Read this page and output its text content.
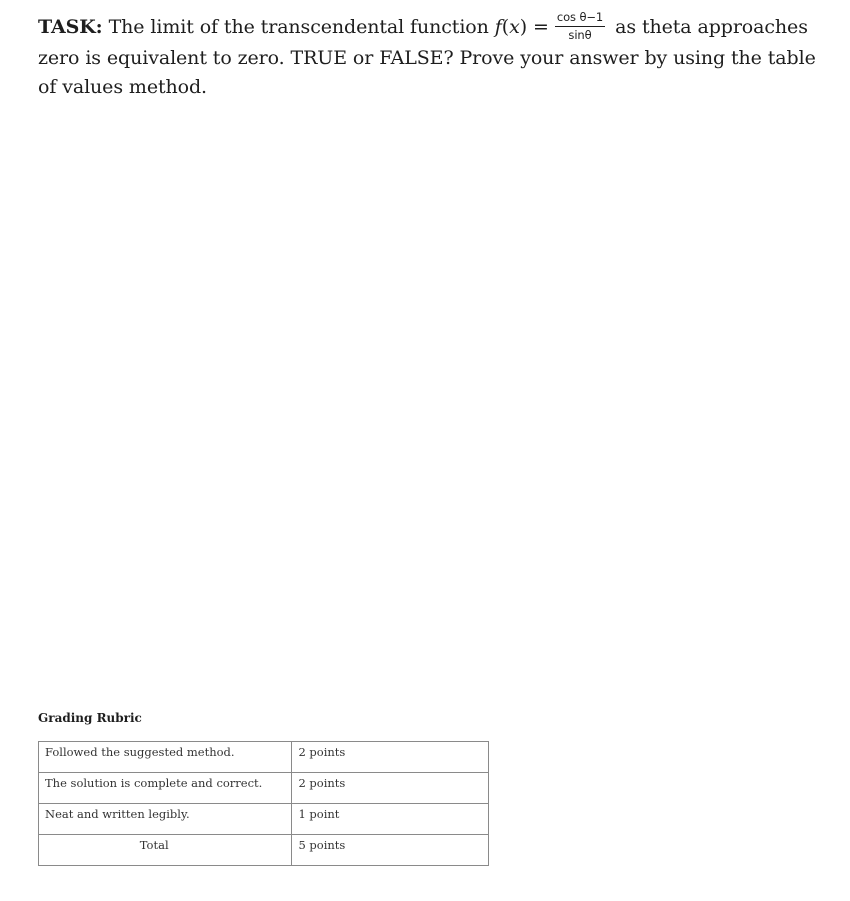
TASK: The limit of the transcendental function $f(x) = \frac{\text{cos θ−1}}{\sin\theta}$ as theta approaches
zero is equivalent to zero. TRUE or FALSE? Prove your answer by using the table
of values method.
Grading Rubric
Followed the suggested method.	2 points
The solution is complete and correct.	2 points
Neat and written legibly.	1 point
Total	5 points
